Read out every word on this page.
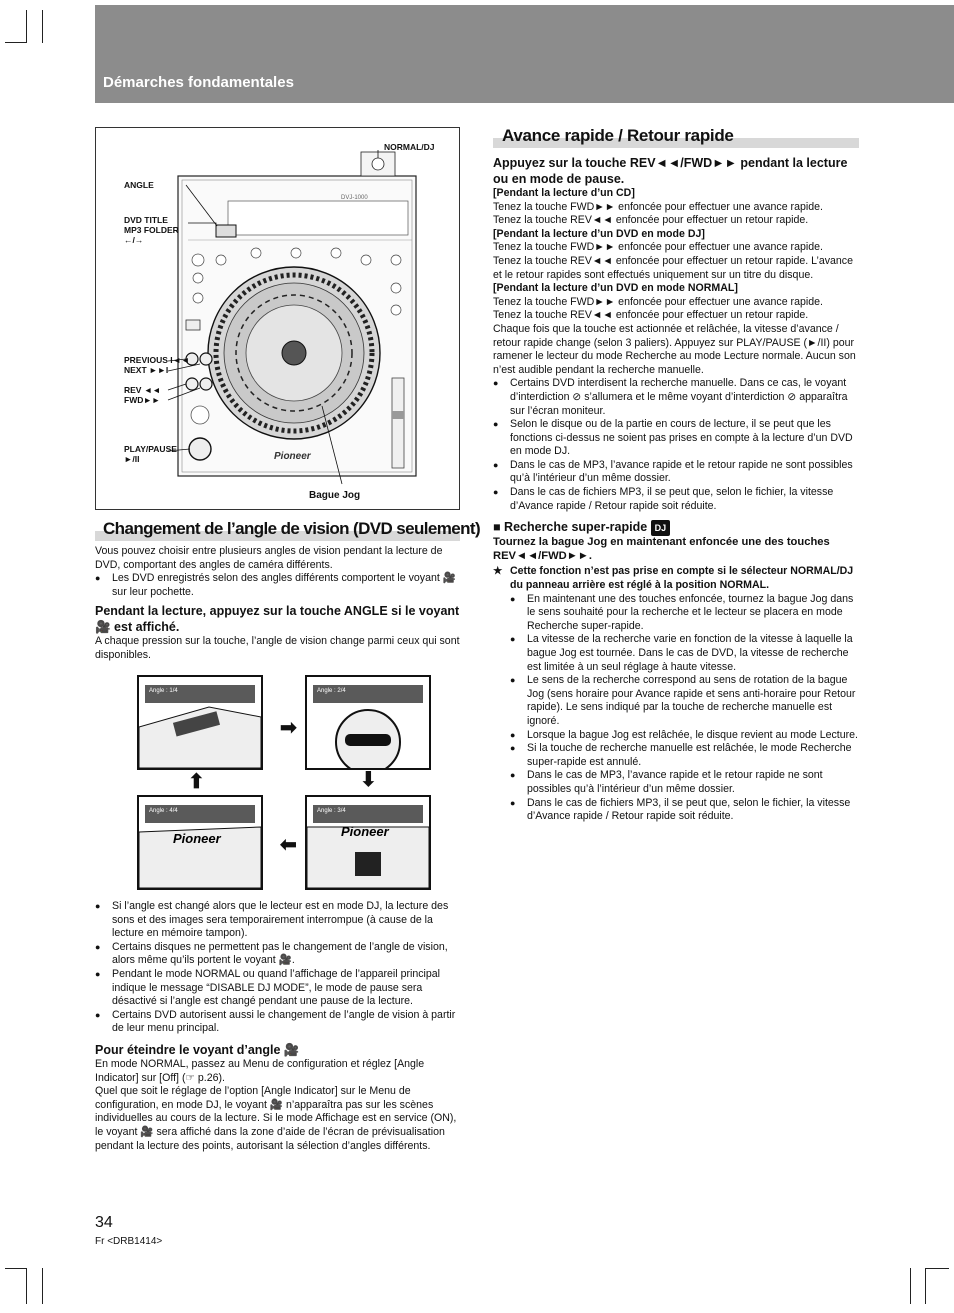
Démarches fondamentales
DVJ-1000
Pioneer
NORMAL/DJ
ANGLE
DVD TITLE
MP3 FOLDER
←/→
PREVIOUS I◄◄
NEXT ►►I
REV ◄◄
FWD►►
PLAY/PAUSE
►/II
Bague Jog
Changement de l’angle de vision (DVD seulement)

Vous pouvez choisir entre plusieurs angles de vision pendant la lecture de DVD, comportant des angles de caméra différents.

● Les DVD enregistrés selon des angles différents comportent le voyant 🎥 sur leur pochette.
Pendant la lecture, appuyez sur la touche ANGLE si le voyant 🎥 est affiché.

A chaque pression sur la touche, l’angle de vision change parmi ceux qui sont disponibles.

Angle : 1/4	Angle : 2/4
Angle : 4/4
Pioneer
Angle : 3/4
Pioneer
➡
⬇
⬅
⬆
● Si l’angle est changé alors que le lecteur est en mode DJ, la lecture des sons et des images sera temporairement interrompue (à cause de la lecture en mémoire tampon).
● Certains disques ne permettent pas le changement de l’angle de vision, alors même qu’ils portent le voyant 🎥.
● Pendant le mode NORMAL ou quand l’affichage de l’appareil principal indique le message “DISABLE DJ MODE”, le mode de pause sera désactivé si l’angle est changé pendant une pause de la lecture.
● Certains DVD autorisent aussi le changement de l’angle de vision à partir de leur menu principal.
Pour éteindre le voyant d’angle 🎥

En mode NORMAL, passez au Menu de configuration et réglez [Angle Indicator] sur [Off] (☞ p.26).

Quel que soit le réglage de l’option [Angle Indicator] sur le Menu de configuration, en mode DJ, le voyant 🎥 n’apparaîtra pas sur les scènes individuelles au cours de la lecture. Si le mode Affichage est en service (ON), le voyant 🎥 sera affiché dans la zone d’aide de l’écran de prévisualisation pendant la lecture des points, autorisant la sélection d’angles différents.

Avance rapide / Retour rapide
Appuyez sur la touche REV◄◄/FWD►► pendant la lecture ou en mode de pause.
[Pendant la lecture d’un CD]
Tenez la touche FWD►► enfoncée pour effectuer une avance rapide.
Tenez la touche REV◄◄ enfoncée pour effectuer un retour rapide.
[Pendant la lecture d’un DVD en mode DJ]
Tenez la touche FWD►► enfoncée pour effectuer une avance rapide.
Tenez la touche REV◄◄ enfoncée pour effectuer un retour rapide. L’avance et le retour rapides sont effectués uniquement sur un titre du disque.
[Pendant la lecture d’un DVD en mode NORMAL]
Tenez la touche FWD►► enfoncée pour effectuer une avance rapide.
Tenez la touche REV◄◄ enfoncée pour effectuer un retour rapide.

Chaque fois que la touche est actionnée et relâchée, la vitesse d’avance / retour rapide change (selon 3 paliers). Appuyez sur PLAY/PAUSE (►/II) pour ramener le lecteur du mode Recherche au mode Lecture normale. Aucun son n’est audible pendant la recherche manuelle.

● Certains DVD interdisent la recherche manuelle. Dans ce cas, le voyant d’interdiction ⊘ s’allumera et le même voyant d’interdiction ⊘ apparaîtra sur l’écran moniteur.
● Selon le disque ou de la partie en cours de lecture, il se peut que les fonctions ci-dessus ne soient pas prises en compte à la lecture d’un DVD en mode DJ.
● Dans le cas de MP3, l’avance rapide et le retour rapide ne sont possibles qu’à l’intérieur d’un même dossier.
● Dans le cas de fichiers MP3, il se peut que, selon le fichier, la vitesse d’Avance rapide / Retour rapide soit réduite.
■ Recherche super-rapide DJ
Tournez la bague Jog en maintenant enfoncée une des touches REV◄◄/FWD►►.
★ Cette fonction n’est pas prise en compte si le sélecteur NORMAL/DJ du panneau arrière est réglé à la position NORMAL.
● En maintenant une des touches enfoncée, tournez la bague Jog dans le sens souhaité pour la recherche et le lecteur se placera en mode Recherche super-rapide.
● La vitesse de la recherche varie en fonction de la vitesse à laquelle la bague Jog est tournée. Dans le cas de DVD, la vitesse de recherche est limitée à un seul réglage à haute vitesse.
● Le sens de la recherche correspond au sens de rotation de la bague Jog (sens horaire pour Avance rapide et sens anti-horaire pour Retour rapide). Le sens indiqué par la touche de recherche manuelle est ignoré.
● Lorsque la bague Jog est relâchée, le disque revient au mode Lecture.
● Si la touche de recherche manuelle est relâchée, le mode Recherche super-rapide est annulé.
● Dans le cas de MP3, l’avance rapide et le retour rapide ne sont possibles qu’à l’intérieur d’un même dossier.
● Dans le cas de fichiers MP3, il se peut que, selon le fichier, la vitesse d’Avance rapide / Retour rapide soit réduite.
34
Fr <DRB1414>
